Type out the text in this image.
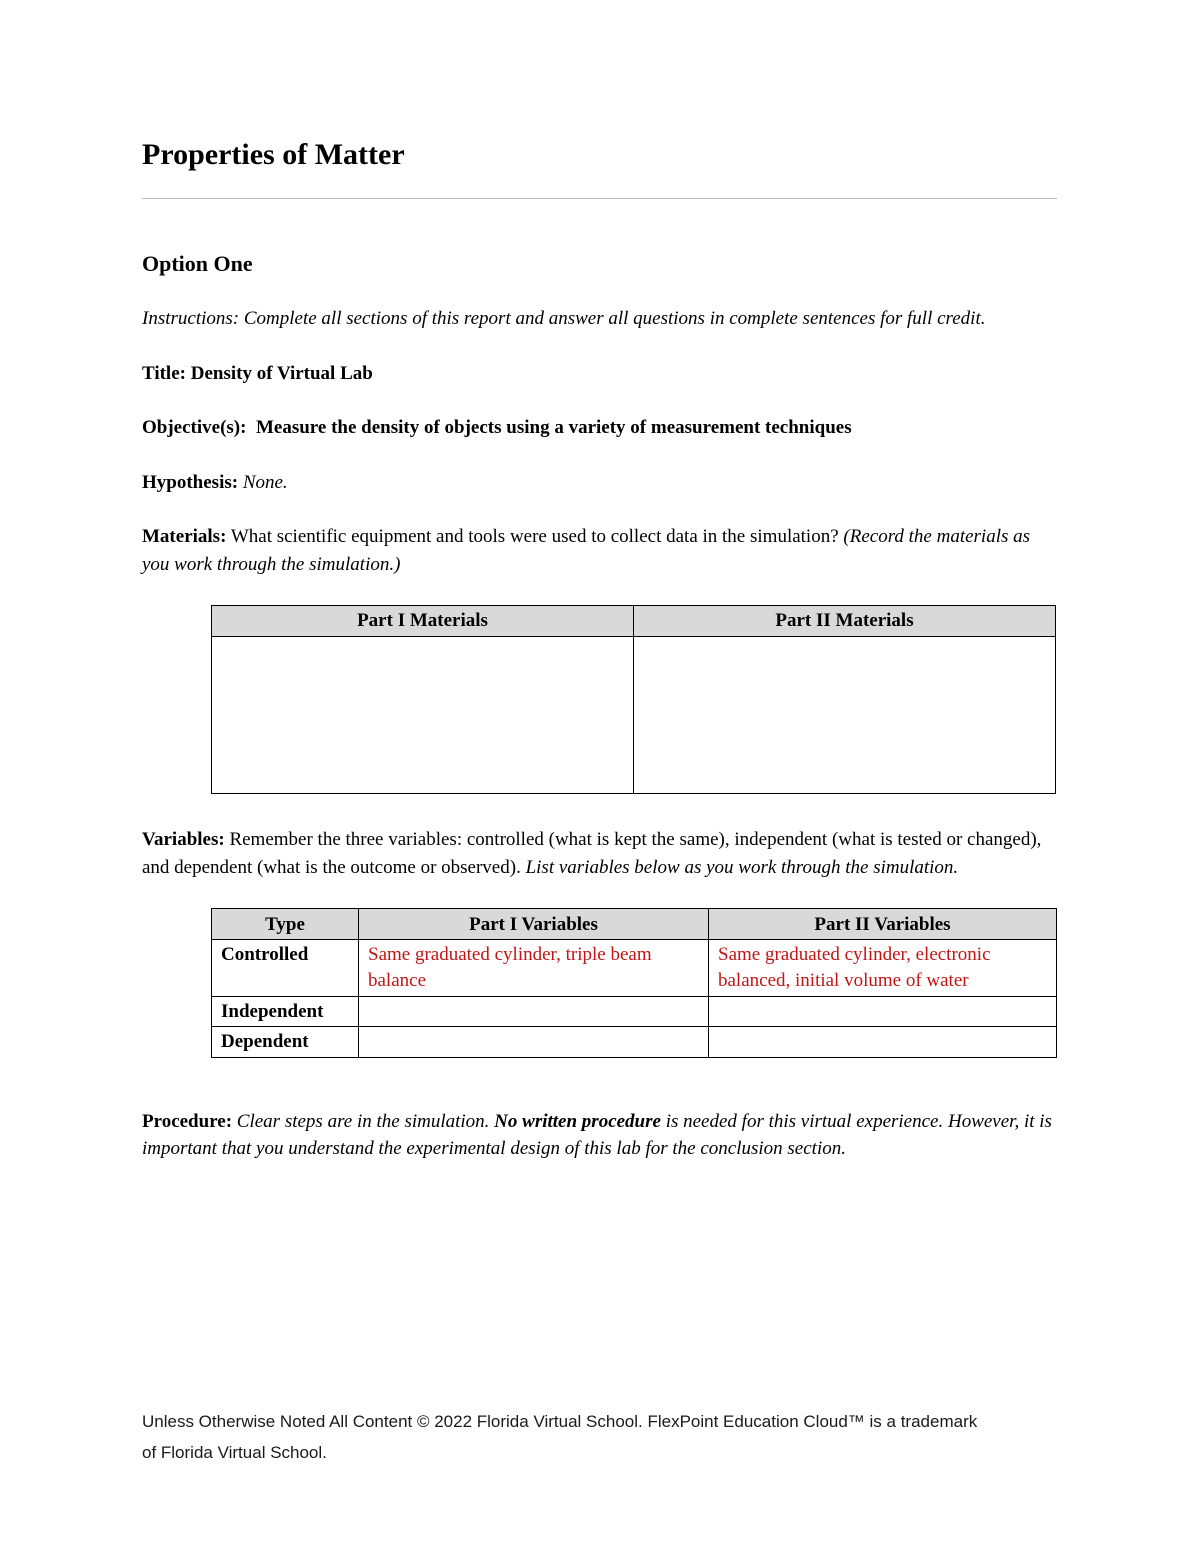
Properties of Matter
Option One

Instructions: Complete all sections of this report and answer all questions in complete sentences for full credit.

Title: Density of Virtual Lab

Objective(s): Measure the density of objects using a variety of measurement techniques

Hypothesis: None.

Materials: What scientific equipment and tools were used to collect data in the simulation? (Record the materials as you work through the simulation.)

Part I Materials	Part II Materials

Variables: Remember the three variables: controlled (what is kept the same), independent (what is tested or changed), and dependent (what is the outcome or observed). List variables below as you work through the simulation.

Type	Part I Variables	Part II Variables
Controlled	Same graduated cylinder, triple beam balance	Same graduated cylinder, electronic balanced, initial volume of water
Independent		
Dependent		

Procedure: Clear steps are in the simulation. No written procedure is needed for this virtual experience. However, it is important that you understand the experimental design of this lab for the conclusion section.

Unless Otherwise Noted All Content © 2022 Florida Virtual School. FlexPoint Education Cloud™ is a trademark of Florida Virtual School.
